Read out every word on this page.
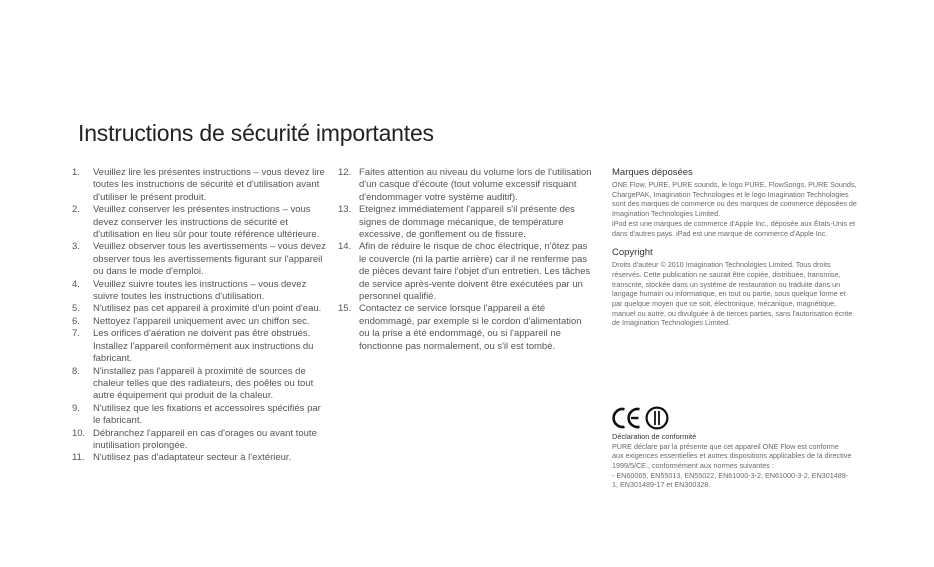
Instructions de sécurité importantes
1. Veuillez lire les présentes instructions – vous devez lire toutes les instructions de sécurité et d'utilisation avant d'utiliser le présent produit.
2. Veuillez conserver les présentes instructions – vous devez conserver les instructions de sécurité et d'utilisation en lieu sûr pour toute référence ultérieure.
3. Veuillez observer tous les avertissements – vous devez observer tous les avertissements figurant sur l'appareil ou dans le mode d'emploi.
4. Veuillez suivre toutes les instructions – vous devez suivre toutes les instructions d'utilisation.
5. N'utilisez pas cet appareil à proximité d'un point d'eau.
6. Nettoyez l'appareil uniquement avec un chiffon sec.
7. Les orifices d'aération ne doivent pas être obstrués. Installez l'appareil conformément aux instructions du fabricant.
8. N'installez pas l'appareil à proximité de sources de chaleur telles que des radiateurs, des poêles ou tout autre équipement qui produit de la chaleur.
9. N'utilisez que les fixations et accessoires spécifiés par le fabricant.
10. Débranchez l'appareil en cas d'orages ou avant toute inutilisation prolongée.
11. N'utilisez pas d'adaptateur secteur à l'extérieur.
12. Faites attention au niveau du volume lors de l'utilisation d'un casque d'écoute (tout volume excessif risquant d'endommager votre système auditif).
13. Eteignez immédiatement l'appareil s'il présente des signes de dommage mécanique, de température excessive, de gonflement ou de fissure.
14. Afin de réduire le risque de choc électrique, n'ôtez pas le couvercle (ni la partie arrière) car il ne renferme pas de pièces devant faire l'objet d'un entretien. Les tâches de service après-vente doivent être exécutées par un personnel qualifié.
15. Contactez ce service lorsque l'appareil a été endommagé, par exemple si le cordon d'alimentation ou la prise a été endommagé, ou si l'appareil ne fonctionne pas normalement, ou s'il est tombé.
Marques déposées

ONE Flow, PURE, PURE sounds, le logo PURE, FlowSongs, PURE Sounds, ChargePAK, Imagination Technologies et le logo Imagination Technologies sont des marques de commerce ou des marques de commerce déposées de Imagination Technologies Limited.

iPod est une marques de commerce d'Apple Inc., déposée aux États-Unis et dans d'autres pays. iPad est une marque de commerce d'Apple Inc.

Copyright
Droits d'auteur © 2010 Imagination Technologies Limited. Tous droits réservés. Cette publication ne saurait être copiée, distribuée, transmise, transcrite, stockée dans un système de restauration ou traduite dans un langage humain ou informatique, en tout ou partie, sous quelque forme et par quelque moyen que ce soit, électronique, mécanique, magnétique, manuel ou autre, ou divulguée à de tierces parties, sans l'autorisation écrite de Imagination Technologies Limited.
Déclaration de conformité

PURE déclare par la présente que cet appareil ONE Flow est conforme aux exigences essentielles et autres dispositions applicables de la directive 1999/5/CE., conformément aux normes suivantes :

- EN60065, EN55013, EN55022, EN61000-3-2, EN61000-3-2, EN301489-1, EN301489-17 et EN300328.
